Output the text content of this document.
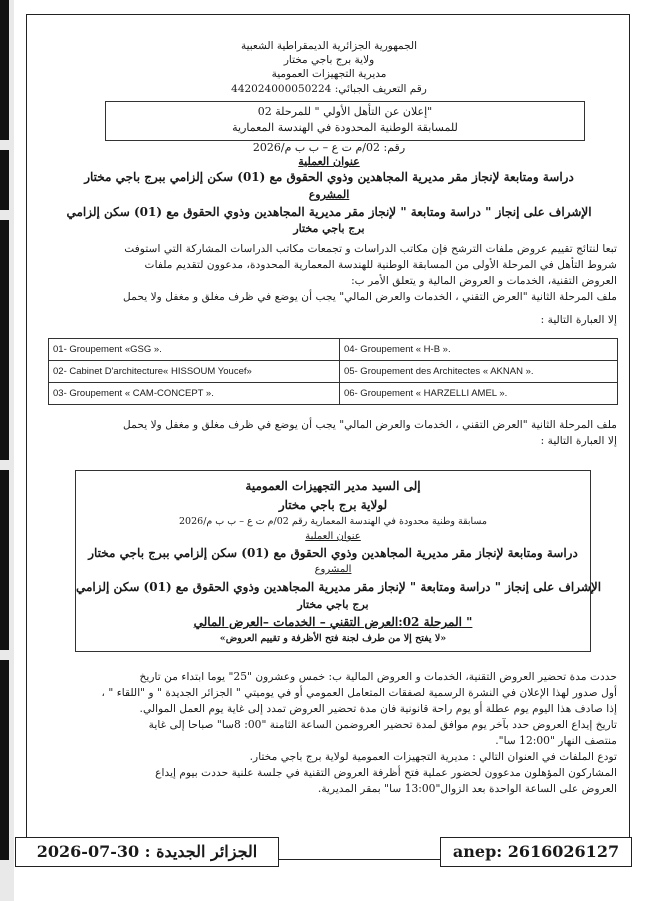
الجمهورية الجزائرية الديمقراطية الشعبية
ولاية برج باجي مختار
مديرية التجهيزات العمومية
رقم التعريف الجبائي: 442024000050224
إعلان عن التأهل الأولي " للمرحلة 02"
للمسابقة الوطنية المحدودة في الهندسة المعمارية
رقم: 02/م ت ع – ب ب م/2026
عنوان العملية
دراسة ومتابعة لإنجاز مقر مديرية المجاهدين وذوي الحقوق مع (01) سكن إلزامي ببرج باجي مختار
المشروع
الإشراف على إنجاز " دراسة ومتابعة " لإنجاز مقر مديرية المجاهدين وذوي الحقوق مع (01) سكن إلزامي
برج باجي مختار
تبعا لنتائج تقييم عروض ملفات الترشح فإن مكاتب الدراسات و تجمعات مكاتب الدراسات المشاركة التي استوفت
شروط التأهل في المرحلة الأولى من المسابقة الوطنية للهندسة المعمارية المحدودة، مدعوون لتقديم ملفات
العروض التقنية، الخدمات و العروض المالية و يتعلق الأمر ب:
ملف المرحلة الثانية "العرض التقني ، الخدمات والعرض المالي" يجب أن يوضع في ظرف مغلق و مغفل ولا يحمل
إلا العبارة التالية :
01- Groupement «GSG ».	04- Groupement « H-B ».
02- Cabinet D'architecture« HISSOUM Youcef»	05- Groupement des Architectes « AKNAN ».
03- Groupement « CAM-CONCEPT ».	06- Groupement « HARZELLI AMEL ».
ملف المرحلة الثانية "العرض التقني ، الخدمات والعرض المالي" يجب أن يوضع في ظرف مغلق و مغفل ولا يحمل
إلا العبارة التالية :
إلى السيد مدير التجهيزات العمومية
لولاية برج باجي مختار
مسابقة وطنية محدودة في الهندسة المعمارية رقم 02/م ت ع – ب ب م/2026
عنوان العملية
دراسة ومتابعة لإنجاز مقر مديرية المجاهدين وذوي الحقوق مع (01) سكن إلزامي ببرج باجي مختار
المشروع
الإشراف على إنجاز " دراسة ومتابعة " لإنجاز مقر مديرية المجاهدين وذوي الحقوق مع (01) سكن إلزامي
برج باجي مختار
المرحلة 02:العرض التقني – الخدمات –العرض المالي "
«لا يفتح إلا من طرف لجنة فتح الأظرفة و تقييم العروض»
حددت مدة تحضير العروض التقنية، الخدمات و العروض المالية ب: خمس وعشرون "25" يوما ابتداء من تاريخ
أول صدور لهذا الإعلان في النشرة الرسمية لصفقات المتعامل العمومي أو في يوميتي " الجزائر الجديدة " و "اللقاء " ،
إذا صادف هذا اليوم يوم عطلة أو يوم راحة قانونية فان مدة تحضير العروض تمدد إلى غاية يوم العمل الموالي.
تاريخ إيداع العروض حدد بآخر يوم موافق لمدة تحضير العروضمن الساعة الثامنة "00: 8سا" صباحا إلى غاية
منتصف النهار "12:00 سا".
تودع الملفات في العنوان التالي : مديرية التجهيزات العمومية لولاية برج باجي مختار.
المشاركون المؤهلون مدعوون لحضور عملية فتح أظرفة العروض التقنية في جلسة علنية حددت بيوم إيداع
العروض على الساعة الواحدة بعد الزوال"13:00 سا" بمقر المديرية.
الجزائر الجديدة : 30-07-2026	anep: 2616026127
